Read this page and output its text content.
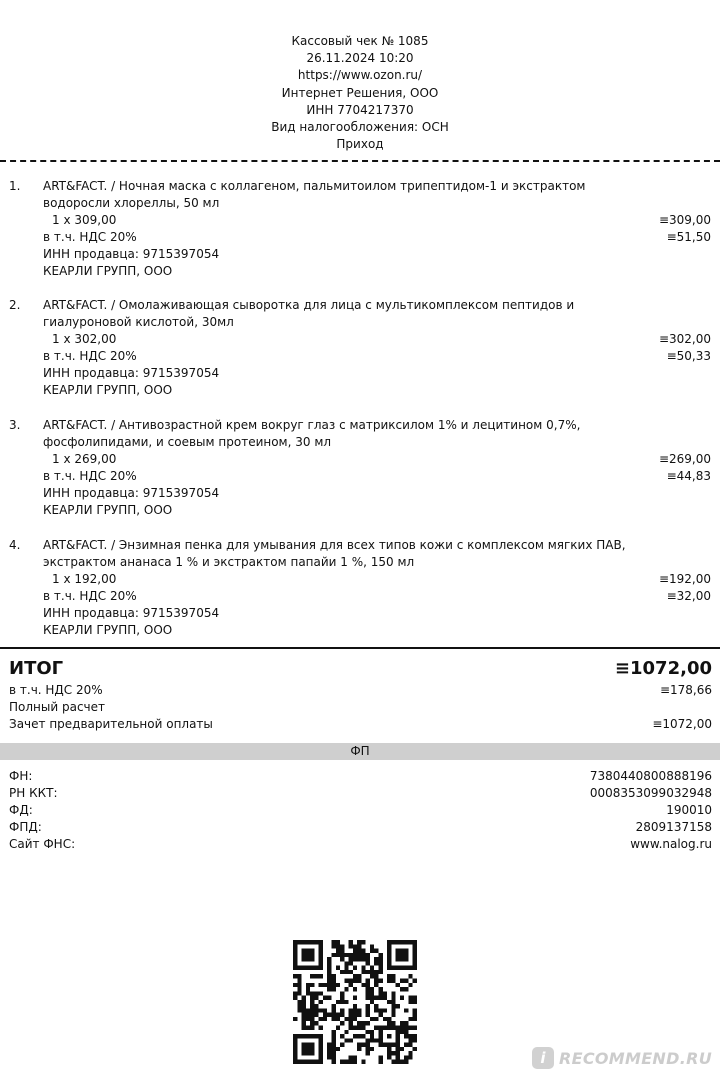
Кассовый чек № 1085
26.11.2024 10:20
https://www.ozon.ru/
Интернет Решения, ООО
ИНН 7704217370
Вид налогообложения: ОСН
Приход
1. ART&FACT. / Ночная маска с коллагеном, пальмитоилом трипептидом-1 и экстрактом
водоросли хлореллы, 50 мл
1 x 309,00	≡309,00
в т.ч. НДС 20%	≡51,50
ИНН продавца: 9715397054
КЕАРЛИ ГРУПП, ООО
2. ART&FACT. / Омолаживающая сыворотка для лица с мультикомплексом пептидов и
гиалуроновой кислотой, 30мл
1 x 302,00	≡302,00
в т.ч. НДС 20%	≡50,33
ИНН продавца: 9715397054
КЕАРЛИ ГРУПП, ООО
3. ART&FACT. / Антивозрастной крем вокруг глаз с матриксилом 1% и лецитином 0,7%,
фосфолипидами, и соевым протеином, 30 мл
1 x 269,00	≡269,00
в т.ч. НДС 20%	≡44,83
ИНН продавца: 9715397054
КЕАРЛИ ГРУПП, ООО
4. ART&FACT. / Энзимная пенка для умывания для всех типов кожи с комплексом мягких ПАВ,
экстрактом ананаса 1 % и экстрактом папайи 1 %, 150 мл
1 x 192,00	≡192,00
в т.ч. НДС 20%	≡32,00
ИНН продавца: 9715397054
КЕАРЛИ ГРУПП, ООО
ИТОГ	≡1072,00
в т.ч. НДС 20%	≡178,66
Полный расчет
Зачет предварительной оплаты	≡1072,00
ФП
ФН:	7380440800888196
РН ККТ:	0008353099032948
ФД:	190010
ФПД:	2809137158
Сайт ФНС:	www.nalog.ru
i RECOMMEND.RU
